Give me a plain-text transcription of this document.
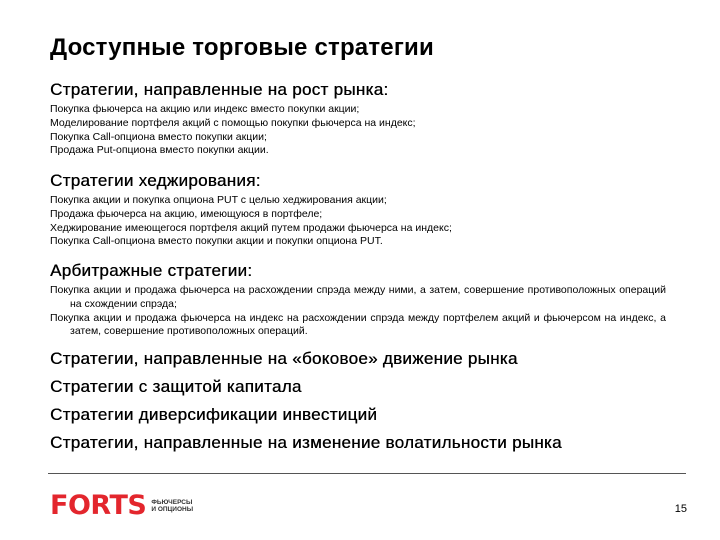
Доступные торговые стратегии
Стратегии, направленные на рост рынка:

Покупка фьючерса на акцию или индекс вместо покупки акции;

Моделирование портфеля акций с помощью покупки фьючерса на индекс;

Покупка Call-опциона вместо покупки акции;

Продажа Put-опциона вместо покупки акции.

Стратегии хеджирования:

Покупка акции и покупка опциона PUT с целью хеджирования акции;

Продажа фьючерса на акцию, имеющуюся в портфеле;

Хеджирование имеющегося портфеля акций путем продажи фьючерса на индекс;

Покупка Call-опциона вместо покупки акции и покупки опциона PUT.

Арбитражные стратегии:

Покупка акции и продажа фьючерса на расхождении спрэда между ними, а затем, совершение противоположных операций на схождении спрэда;

Покупка акции и продажа фьючерса на индекс на расхождении спрэда между портфелем акций и фьючерсом на индекс, а затем, совершение противоположных операций.

Стратегии, направленные на «боковое» движение рынка
Стратегии с защитой капитала
Стратегии диверсификации инвестиций
Стратегии, направленные на изменение волатильности рынка
FORTS ФЬЮЧЕРСЫ
И ОПЦИОНЫ	15
